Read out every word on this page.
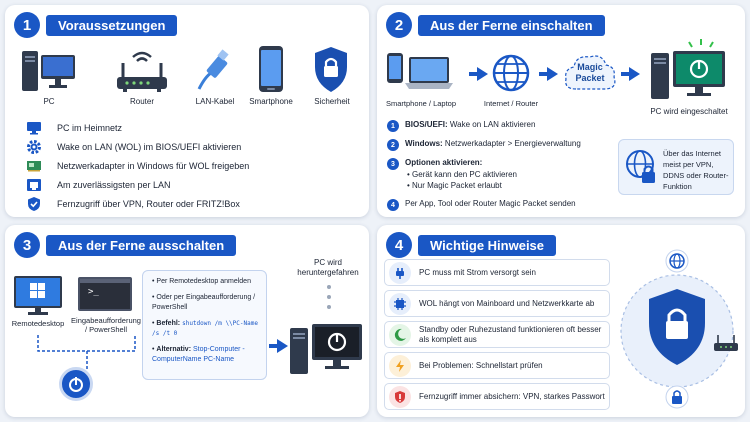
1	Voraussetzungen
PC	Router	LAN-Kabel	Smartphone	Sicherheit
PC im Heimnetz
Wake on LAN (WOL) im BIOS/UEFI aktivieren
Netzwerkadapter in Windows für WOL freigeben
Am zuverlässigsten per LAN
Fernzugriff über VPN, Router oder FRITZ!Box
2	Aus der Ferne einschalten
Smartphone / Laptop	Internet / Router
Magic Packet
PC wird eingeschaltet
1	BIOS/UEFI: Wake on LAN aktivieren
2	Windows: Netzwerkadapter > Energieverwaltung
3	Optionen aktivieren:
• Gerät kann den PC aktivieren
• Nur Magic Packet erlaubt
4	Per App, Tool oder Router Magic Packet senden
Über das Internet meist per VPN, DDNS oder Router-Funktion
3	Aus der Ferne ausschalten
Remotedesktop
>_
Eingabeaufforderung / PowerShell
• Per Remotedesktop anmelden
• Oder per Eingabeaufforderung / PowerShell
• Befehl: shutdown /m \\PC-Name /s /t 0
• Alternativ: Stop-Computer -ComputerName PC-Name
PC wird heruntergefahren
4	Wichtige Hinweise
PC muss mit Strom versorgt sein
WOL hängt von Mainboard und Netzwerkkarte ab
Standby oder Ruhezustand funktionieren oft besser als komplett aus
Bei Problemen: Schnellstart prüfen
Fernzugriff immer absichern: VPN, starkes Passwort
